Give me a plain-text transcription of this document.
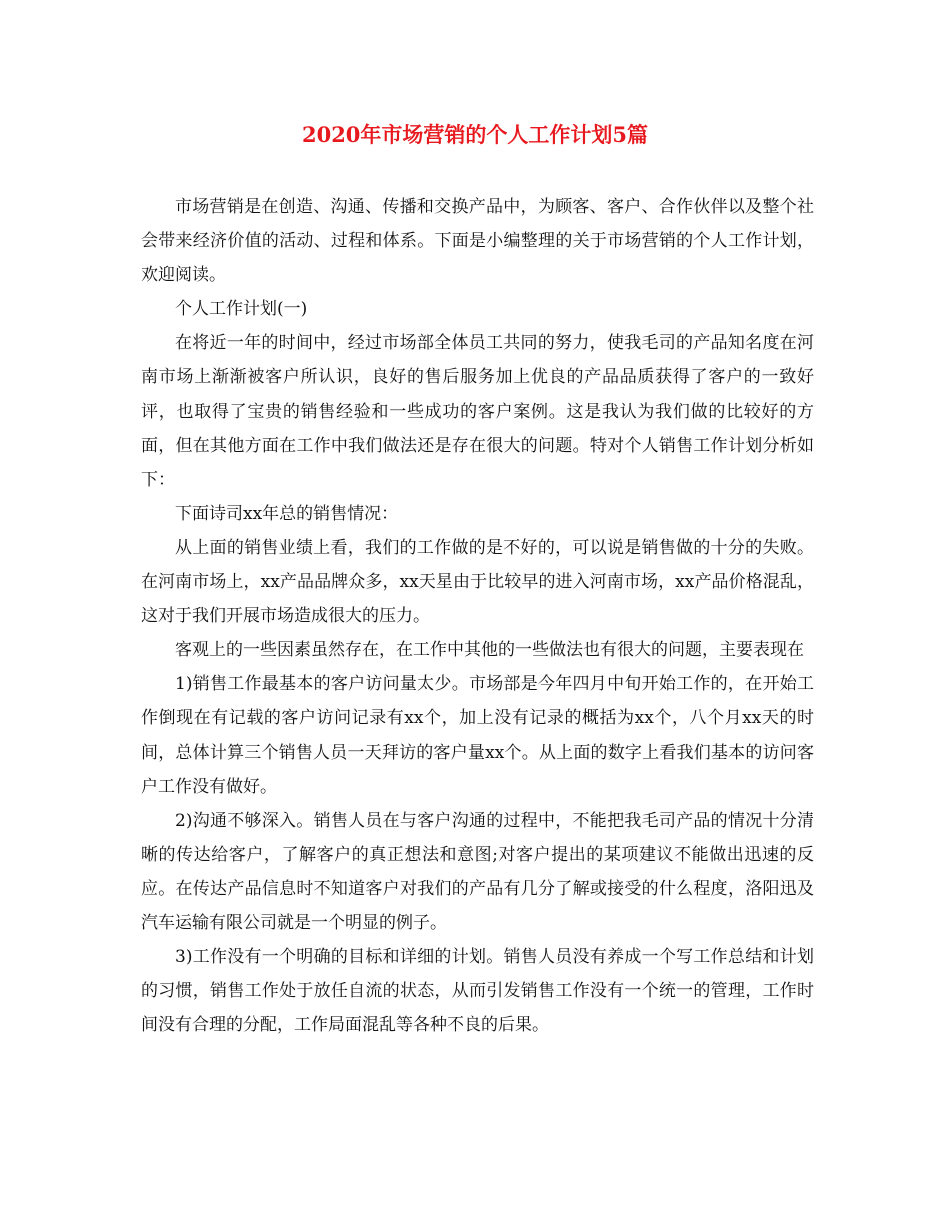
2020年市场营销的个人工作计划5篇

市场营销是在创造、沟通、传播和交换产品中，为顾客、客户、合作伙伴以及整个社会带来经济价值的活动、过程和体系。下面是小编整理的关于市场营销的个人工作计划，欢迎阅读。

个人工作计划(一)

在将近一年的时间中，经过市场部全体员工共同的努力，使我毛司的产品知名度在河南市场上渐渐被客户所认识，良好的售后服务加上优良的产品品质获得了客户的一致好评，也取得了宝贵的销售经验和一些成功的客户案例。这是我认为我们做的比较好的方面，但在其他方面在工作中我们做法还是存在很大的问题。特对个人销售工作计划分析如下：

下面诗司xx年总的销售情况：

从上面的销售业绩上看，我们的工作做的是不好的，可以说是销售做的十分的失败。在河南市场上，xx产品品牌众多，xx天星由于比较早的进入河南市场，xx产品价格混乱，这对于我们开展市场造成很大的压力。

客观上的一些因素虽然存在，在工作中其他的一些做法也有很大的问题，主要表现在

1)销售工作最基本的客户访问量太少。市场部是今年四月中旬开始工作的，在开始工作倒现在有记载的客户访问记录有xx个，加上没有记录的概括为xx个，八个月xx天的时间，总体计算三个销售人员一天拜访的客户量xx个。从上面的数字上看我们基本的访问客户工作没有做好。

2)沟通不够深入。销售人员在与客户沟通的过程中，不能把我毛司产品的情况十分清晰的传达给客户，了解客户的真正想法和意图;对客户提出的某项建议不能做出迅速的反应。在传达产品信息时不知道客户对我们的产品有几分了解或接受的什么程度，洛阳迅及汽车运输有限公司就是一个明显的例子。

3)工作没有一个明确的目标和详细的计划。销售人员没有养成一个写工作总结和计划的习惯，销售工作处于放任自流的状态，从而引发销售工作没有一个统一的管理，工作时间没有合理的分配，工作局面混乱等各种不良的后果。
